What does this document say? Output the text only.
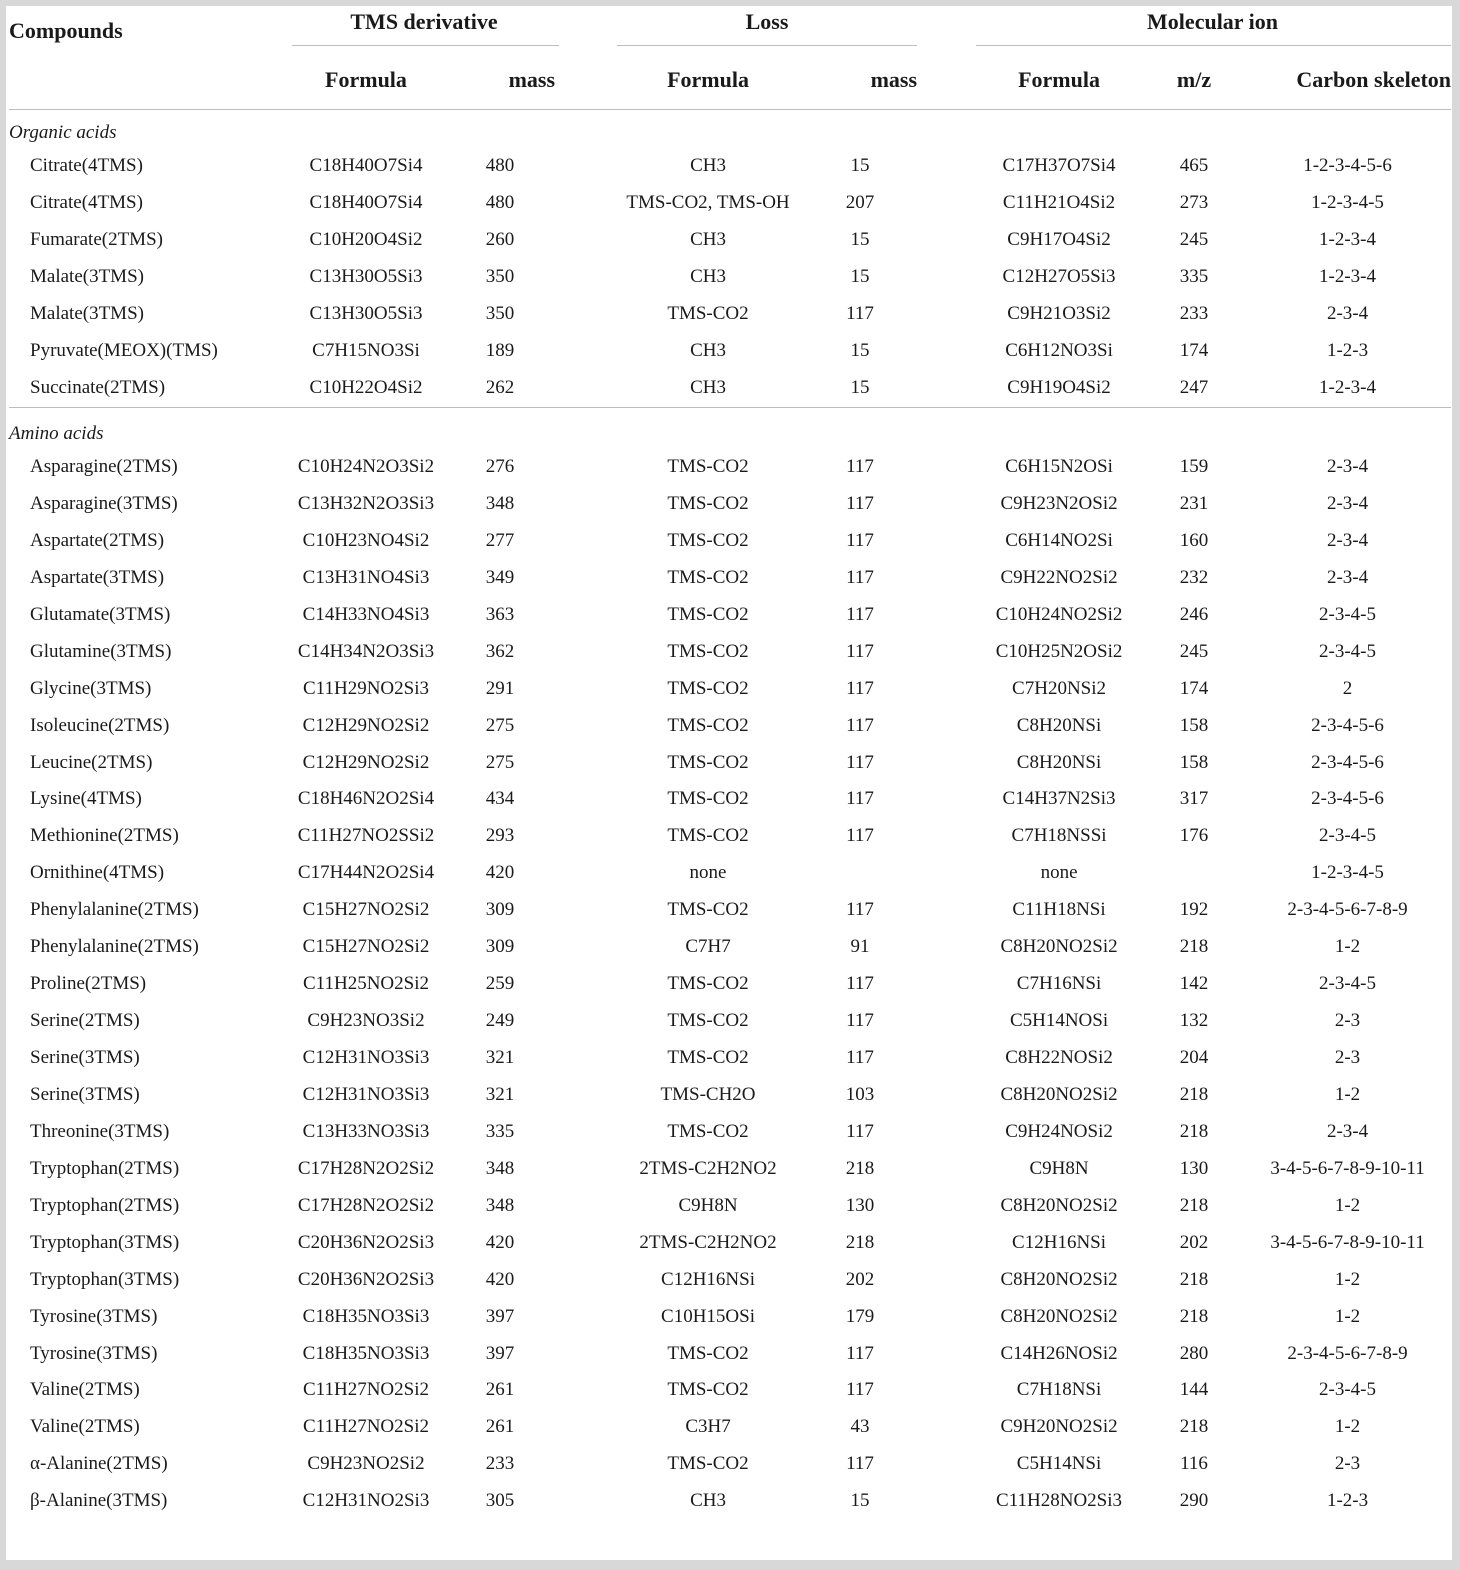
Compounds	TMS derivative			Loss			Molecular ion		

	Formula	mass		Formula	mass		Formula	m/z	Carbon skeleton
Organic acids									
Citrate(4TMS)	C18H40O7Si4	480		CH3	15		C17H37O7Si4	465	1-2-3-4-5-6
Citrate(4TMS)	C18H40O7Si4	480		TMS-CO2, TMS-OH	207		C11H21O4Si2	273	1-2-3-4-5
Fumarate(2TMS)	C10H20O4Si2	260		CH3	15		C9H17O4Si2	245	1-2-3-4
Malate(3TMS)	C13H30O5Si3	350		CH3	15		C12H27O5Si3	335	1-2-3-4
Malate(3TMS)	C13H30O5Si3	350		TMS-CO2	117		C9H21O3Si2	233	2-3-4
Pyruvate(MEOX)(TMS)	C7H15NO3Si	189		CH3	15		C6H12NO3Si	174	1-2-3
Succinate(2TMS)	C10H22O4Si2	262		CH3	15		C9H19O4Si2	247	1-2-3-4
Amino acids									
Asparagine(2TMS)	C10H24N2O3Si2	276		TMS-CO2	117		C6H15N2OSi	159	2-3-4
Asparagine(3TMS)	C13H32N2O3Si3	348		TMS-CO2	117		C9H23N2OSi2	231	2-3-4
Aspartate(2TMS)	C10H23NO4Si2	277		TMS-CO2	117		C6H14NO2Si	160	2-3-4
Aspartate(3TMS)	C13H31NO4Si3	349		TMS-CO2	117		C9H22NO2Si2	232	2-3-4
Glutamate(3TMS)	C14H33NO4Si3	363		TMS-CO2	117		C10H24NO2Si2	246	2-3-4-5
Glutamine(3TMS)	C14H34N2O3Si3	362		TMS-CO2	117		C10H25N2OSi2	245	2-3-4-5
Glycine(3TMS)	C11H29NO2Si3	291		TMS-CO2	117		C7H20NSi2	174	2
Isoleucine(2TMS)	C12H29NO2Si2	275		TMS-CO2	117		C8H20NSi	158	2-3-4-5-6
Leucine(2TMS)	C12H29NO2Si2	275		TMS-CO2	117		C8H20NSi	158	2-3-4-5-6
Lysine(4TMS)	C18H46N2O2Si4	434		TMS-CO2	117		C14H37N2Si3	317	2-3-4-5-6
Methionine(2TMS)	C11H27NO2SSi2	293		TMS-CO2	117		C7H18NSSi	176	2-3-4-5
Ornithine(4TMS)	C17H44N2O2Si4	420		none			none		1-2-3-4-5
Phenylalanine(2TMS)	C15H27NO2Si2	309		TMS-CO2	117		C11H18NSi	192	2-3-4-5-6-7-8-9
Phenylalanine(2TMS)	C15H27NO2Si2	309		C7H7	91		C8H20NO2Si2	218	1-2
Proline(2TMS)	C11H25NO2Si2	259		TMS-CO2	117		C7H16NSi	142	2-3-4-5
Serine(2TMS)	C9H23NO3Si2	249		TMS-CO2	117		C5H14NOSi	132	2-3
Serine(3TMS)	C12H31NO3Si3	321		TMS-CO2	117		C8H22NOSi2	204	2-3
Serine(3TMS)	C12H31NO3Si3	321		TMS-CH2O	103		C8H20NO2Si2	218	1-2
Threonine(3TMS)	C13H33NO3Si3	335		TMS-CO2	117		C9H24NOSi2	218	2-3-4
Tryptophan(2TMS)	C17H28N2O2Si2	348		2TMS-C2H2NO2	218		C9H8N	130	3-4-5-6-7-8-9-10-11
Tryptophan(2TMS)	C17H28N2O2Si2	348		C9H8N	130		C8H20NO2Si2	218	1-2
Tryptophan(3TMS)	C20H36N2O2Si3	420		2TMS-C2H2NO2	218		C12H16NSi	202	3-4-5-6-7-8-9-10-11
Tryptophan(3TMS)	C20H36N2O2Si3	420		C12H16NSi	202		C8H20NO2Si2	218	1-2
Tyrosine(3TMS)	C18H35NO3Si3	397		C10H15OSi	179		C8H20NO2Si2	218	1-2
Tyrosine(3TMS)	C18H35NO3Si3	397		TMS-CO2	117		C14H26NOSi2	280	2-3-4-5-6-7-8-9
Valine(2TMS)	C11H27NO2Si2	261		TMS-CO2	117		C7H18NSi	144	2-3-4-5
Valine(2TMS)	C11H27NO2Si2	261		C3H7	43		C9H20NO2Si2	218	1-2
α-Alanine(2TMS)	C9H23NO2Si2	233		TMS-CO2	117		C5H14NSi	116	2-3
β-Alanine(3TMS)	C12H31NO2Si3	305		CH3	15		C11H28NO2Si3	290	1-2-3
